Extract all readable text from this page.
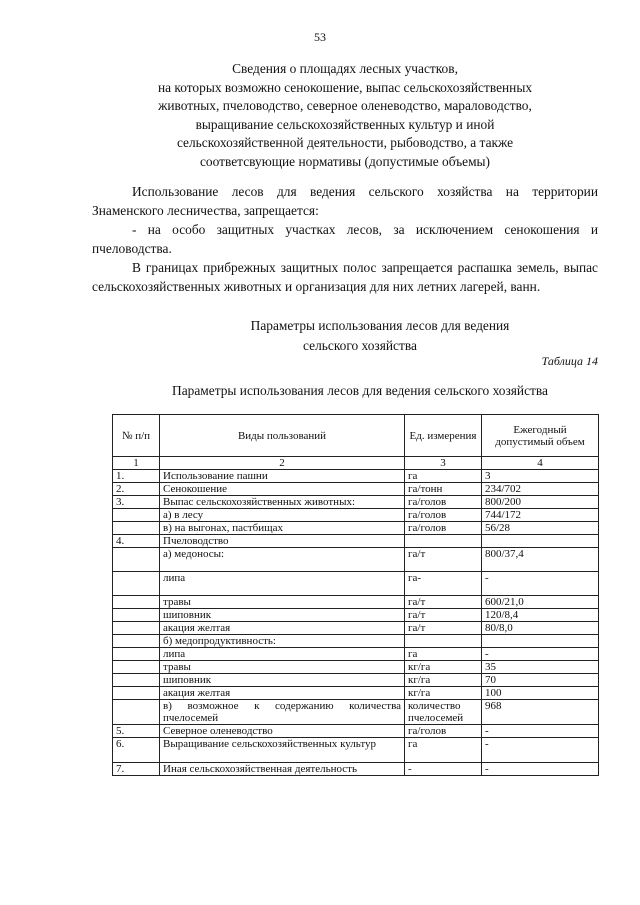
53
Сведения о площадях лесных участков,
на которых возможно сенокошение, выпас сельскохозяйственных
животных, пчеловодство, северное оленеводство, мараловодство,
выращивание сельскохозяйственных культур и иной
сельскохозяйственной деятельности, рыбоводство, а также
соответсвующие нормативы (допустимые объемы)
Использование лесов для ведения сельского хозяйства на территории Знаменского лесничества, запрещается:
- на особо защитных участках лесов, за исключением сенокошения и пчеловодства.
В границах прибрежных защитных полос запрещается распашка земель, выпас сельскохозяйственных животных и организация для них летних лагерей, ванн.
Параметры использования лесов для ведения
сельского хозяйства
Таблица 14
Параметры использования лесов для ведения сельского хозяйства
№ п/п	Виды пользований	Ед. измерения	Ежегодный допустимый объем
1	2	3	4
1.	Использование пашни	га	3
2.	Сенокошение	га/тонн	234/702
3.	Выпас сельскохозяйственных животных:	га/голов	800/200
	а) в лесу	га/голов	744/172
	в) на выгонах, пастбищах	га/голов	56/28
4.	Пчеловодство		
	а) медоносы:	га/т	800/37,4
	липа	га-	-
	травы	га/т	600/21,0
	шиповник	га/т	120/8,4
	акация желтая	га/т	80/8,0
	б) медопродуктивность:		
	липа	га	-
	травы	кг/га	35
	шиповник	кг/га	70
	акация желтая	кг/га	100
	в) возможное к содержанию количества пчелосемей	количество пчелосемей	968
5.	Северное оленеводство	га/голов	-
6.	Выращивание сельскохозяйственных культур	га	-
7.	Иная сельскохозяйственная деятельность	-	-
